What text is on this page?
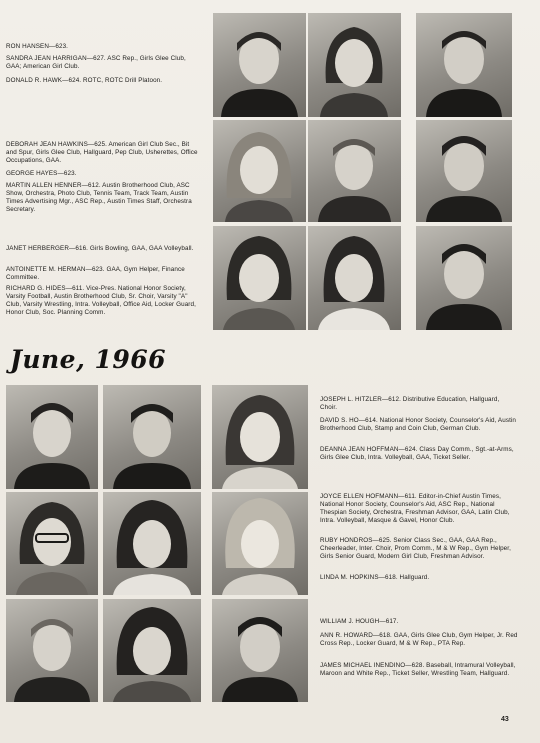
RON HANSEN—623.
SANDRA JEAN HARRIGAN—627. ASC Rep., Girls Glee Club, GAA; American Girl Club.
DONALD R. HAWK—624. ROTC, ROTC Drill Platoon.
DEBORAH JEAN HAWKINS—625. American Girl Club Sec., Bit and Spur, Girls Glee Club, Hallguard, Pep Club, Usherettes, Office Occupations, GAA.
GEORGE HAYES—623.
MARTIN ALLEN HENNER—612. Austin Brotherhood Club, ASC Show, Orchestra, Photo Club, Tennis Team, Track Team, Austin Times Advertising Mgr., ASC Rep., Austin Times Staff, Orchestra Secretary.
JANET HERBERGER—616. Girls Bowling, GAA, GAA Volleyball.
ANTOINETTE M. HERMAN—623. GAA, Gym Helper, Finance Committee.
RICHARD G. HIDES—611. Vice-Pres. National Honor Society, Varsity Football, Austin Brotherhood Club, Sr. Choir, Varsity "A" Club, Varsity Wrestling, Intra. Volleyball, Office Aid, Locker Guard, Honor Club, Soc. Planning Comm.
June, 1966
JOSEPH L. HITZLER—612. Distributive Education, Hallguard, Choir.
DAVID S. HO—614. National Honor Society, Counselor's Aid, Austin Brotherhood Club, Stamp and Coin Club, German Club.
DEANNA JEAN HOFFMAN—624. Class Day Comm., Sgt.-at-Arms, Girls Glee Club, Intra. Volleyball, GAA, Ticket Seller.
JOYCE ELLEN HOFMANN—611. Editor-in-Chief Austin Times, National Honor Society, Counselor's Aid, ASC Rep., National Thespian Society, Orchestra, Freshman Advisor, GAA, Latin Club, Intra. Volleyball, Masque & Gavel, Honor Club.
RUBY HONDROS—625. Senior Class Sec., GAA, GAA Rep., Cheerleader, Inter. Choir, Prom Comm., M & W Rep., Gym Helper, Girls Senior Guard, Modern Girl Club, Freshman Advisor.
LINDA M. HOPKINS—618. Hallguard.
WILLIAM J. HOUGH—617.
ANN R. HOWARD—618. GAA, Girls Glee Club, Gym Helper, Jr. Red Cross Rep., Locker Guard, M & W Rep., PTA Rep.
JAMES MICHAEL INENDINO—628. Baseball, Intramural Volleyball, Maroon and White Rep., Ticket Seller, Wrestling Team, Hallguard.
43
